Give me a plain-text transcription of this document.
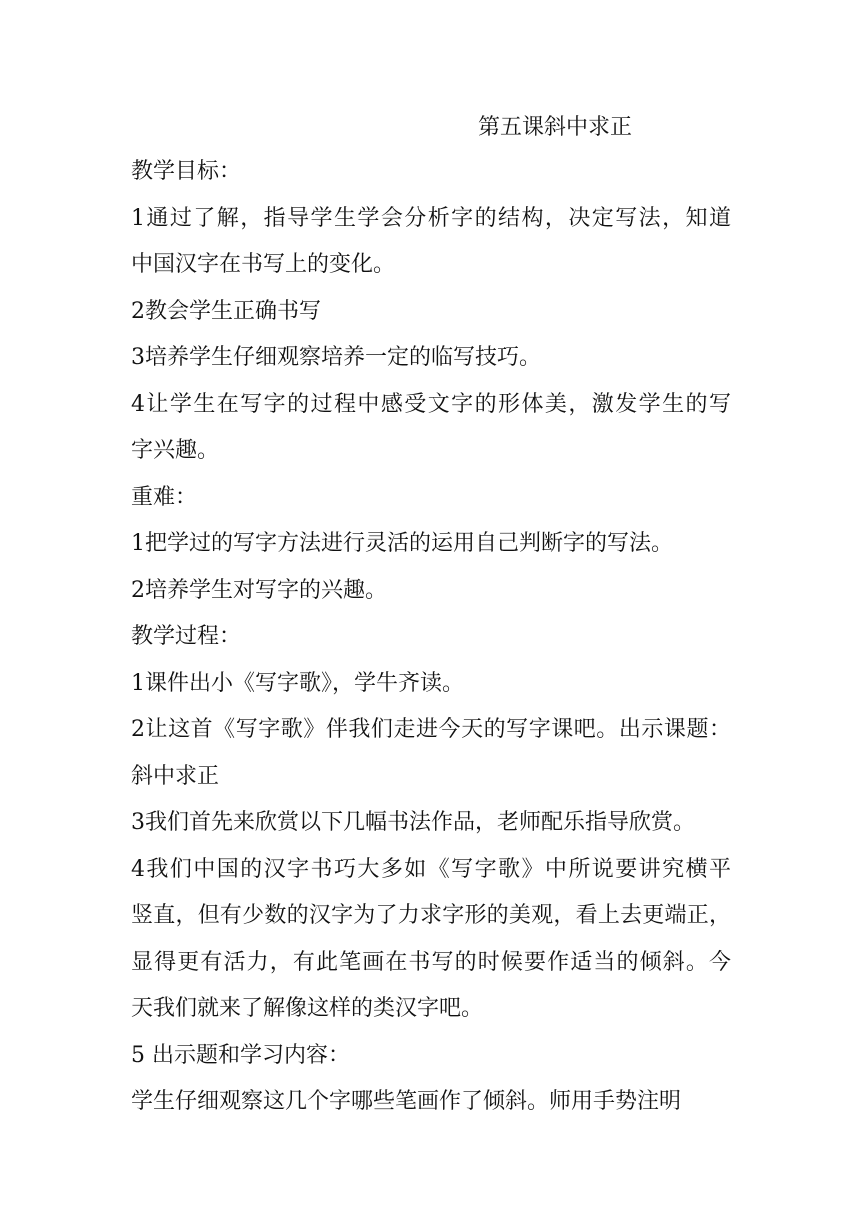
第五课斜中求正
教学目标：
1通过了解，指导学生学会分析字的结构，决定写法，知道
中国汉字在书写上的变化。
2教会学生正确书写
3培养学生仔细观察培养一定的临写技巧。
4让学生在写字的过程中感受文字的形体美，激发学生的写
字兴趣。
重难：
1把学过的写字方法进行灵活的运用自己判断字的写法。
2培养学生对写字的兴趣。
教学过程：
1课件出小《写字歌》，学牛齐读。
2让这首《写字歌》伴我们走进今天的写字课吧。出示课题：
斜中求正
3我们首先来欣赏以下几幅书法作品，老师配乐指导欣赏。
4我们中国的汉字书巧大多如《写字歌》中所说要讲究横平
竖直，但有少数的汉字为了力求字形的美观，看上去更端正，
显得更有活力，有此笔画在书写的时候要作适当的倾斜。今
天我们就来了解像这样的类汉字吧。
5 出示题和学习内容：
学生仔细观察这几个字哪些笔画作了倾斜。师用手势注明
